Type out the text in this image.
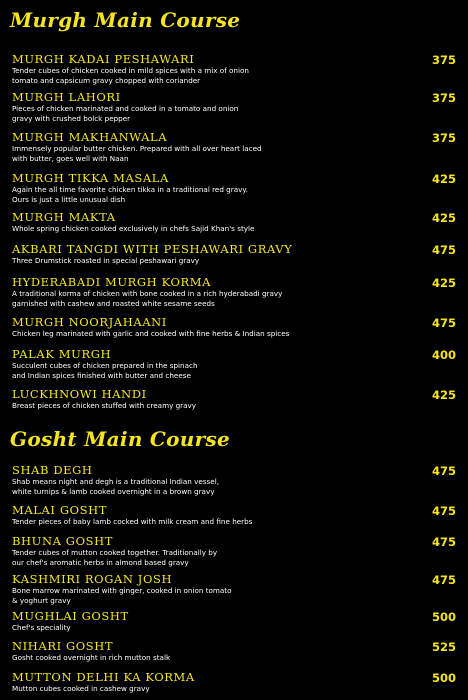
Murgh Main Course
MURGH KADAI PESHAWARI
Tender cubes of chicken cooked in mild spices with a mix of onion
tomato and capsicum gravy chopped with coriander
375
MURGH LAHORI
Pieces of chicken marinated and cooked in a tomato and onion
gravy with crushed bolck pepper
375
MURGH MAKHANWALA
Immensely popular butter chicken. Prepared with all over heart laced
with butter, goes well with Naan
375
MURGH TIKKA MASALA
Again the all time favorite chicken tikka in a traditional red gravy.
Ours is just a little unusual dish
425
MURGH MAKTA
Whole spring chicken cooked exclusively in chefs Sajid Khan's style
425
AKBARI TANGDI WITH PESHAWARI GRAVY
Three Drumstick roasted in special peshawari gravy
475
HYDERABADI MURGH KORMA
A traditional korma of chicken with bone cooked in a rich hyderabadi gravy
garnished with cashew and roasted white sesame seeds
425
MURGH NOORJAHAANI
Chicken leg marinated with garlic and cooked with fine herbs & Indian spices
475
PALAK MURGH
Succulent cubes of chicken prepared in the spinach
and Indian spices finished with butter and cheese
400
LUCKHNOWI HANDI
Breast pieces of chicken stuffed with creamy gravy
425
Gosht Main Course
SHAB DEGH
Shab means night and degh is a traditional Indian vessel,
white turnips & lamb cooked overnight in a brown gravy
475
MALAI GOSHT
Tender pieces of baby lamb cocked with milk cream and fine herbs
475
BHUNA GOSHT
Tender cubes of mutton cooked together. Traditionally by
our chef's aromatic herbs in almond based gravy
475
KASHMIRI ROGAN JOSH
Bone marrow marinated with ginger, cooked in onion tomato
& yoghurt gravy
475
MUGHLAI GOSHT
Chef's speciality
500
NIHARI GOSHT
Gosht cooked overnight in rich mutton stalk
525
MUTTON DELHI KA KORMA
Mutton cubes cooked in cashew gravy
500
